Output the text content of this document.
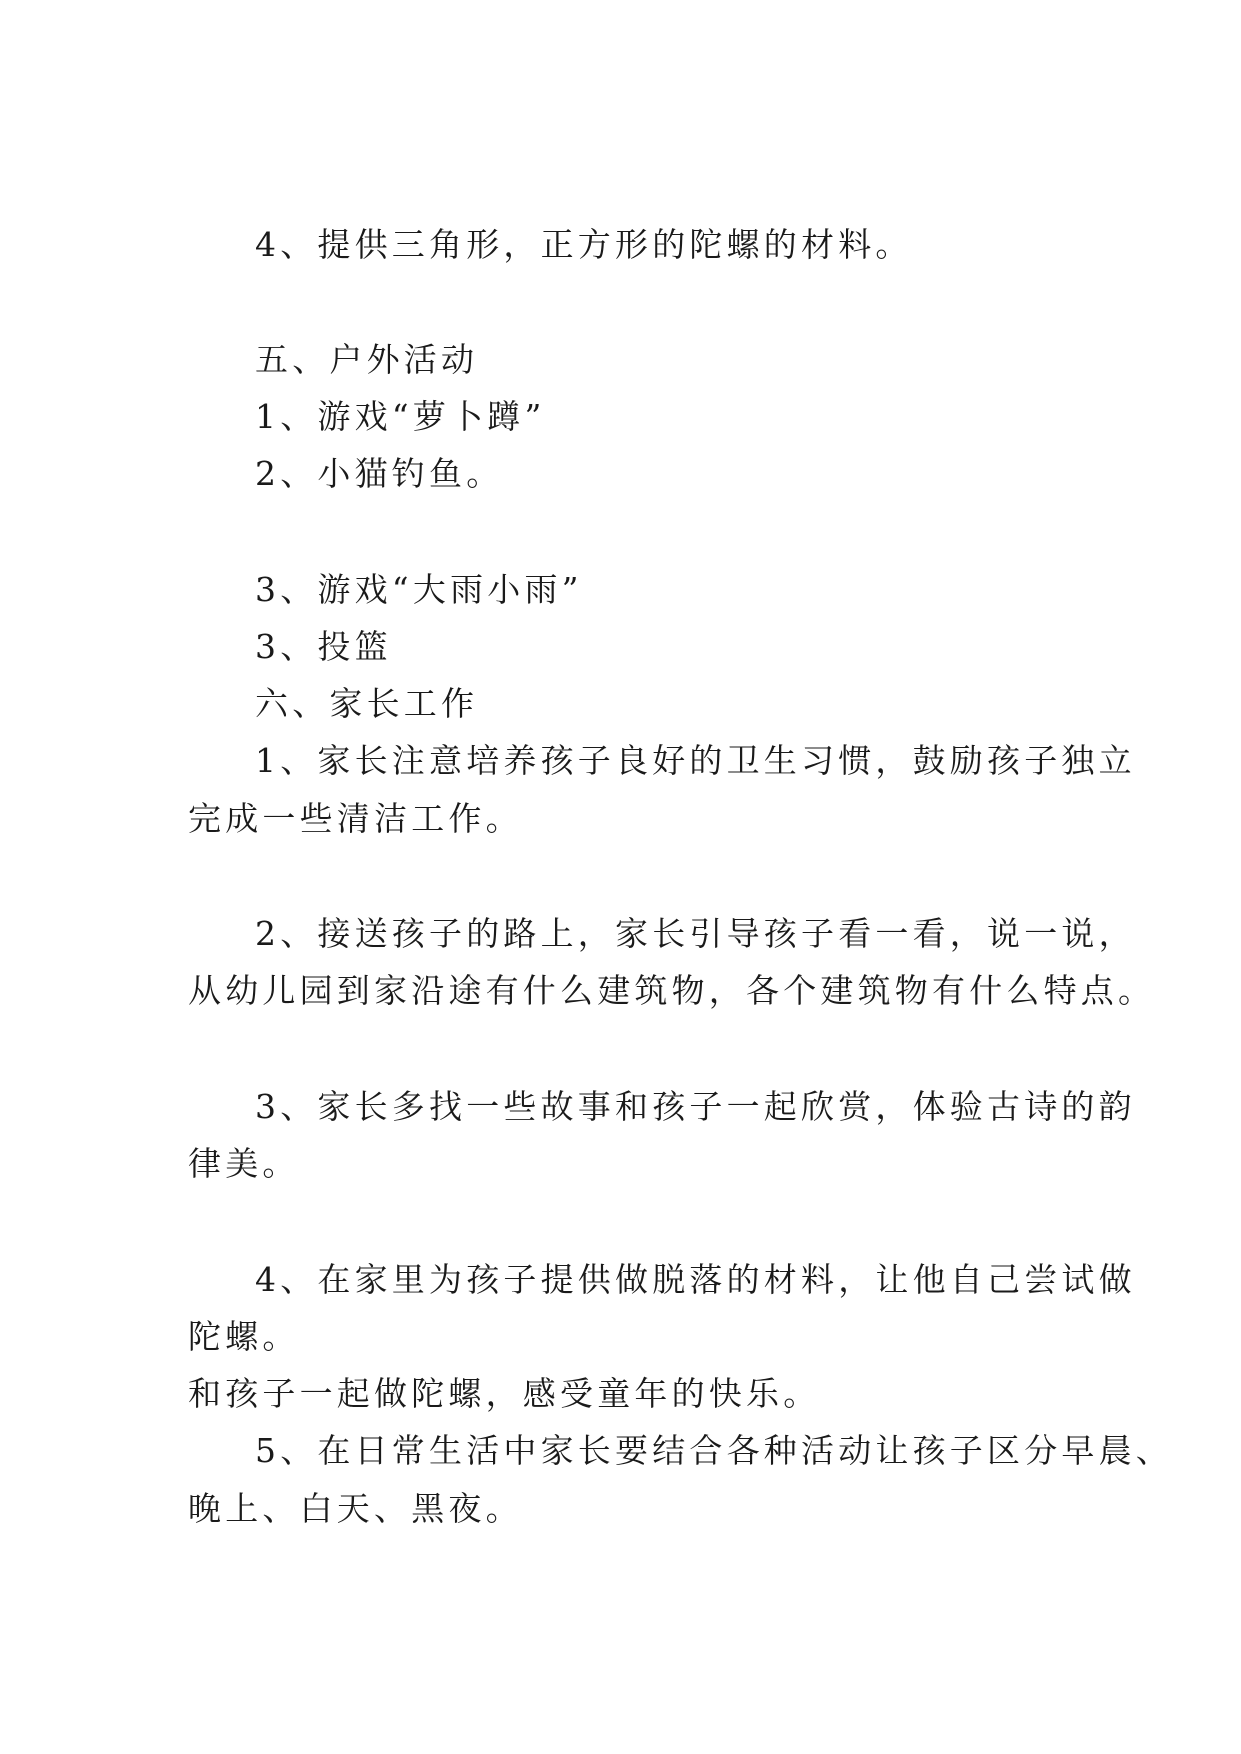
4、提供三角形，正方形的陀螺的材料。
五、户外活动
1、游戏“萝卜蹲”
2、小猫钓鱼。
3、游戏“大雨小雨”
3、投篮
六、家长工作
1、家长注意培养孩子良好的卫生习惯，鼓励孩子独立
完成一些清洁工作。
2、接送孩子的路上，家长引导孩子看一看，说一说，
从幼儿园到家沿途有什么建筑物，各个建筑物有什么特点。
3、家长多找一些故事和孩子一起欣赏，体验古诗的韵
律美。
4、在家里为孩子提供做脱落的材料，让他自己尝试做
陀螺。
和孩子一起做陀螺，感受童年的快乐。
5、在日常生活中家长要结合各种活动让孩子区分早晨、
晚上、白天、黑夜。
